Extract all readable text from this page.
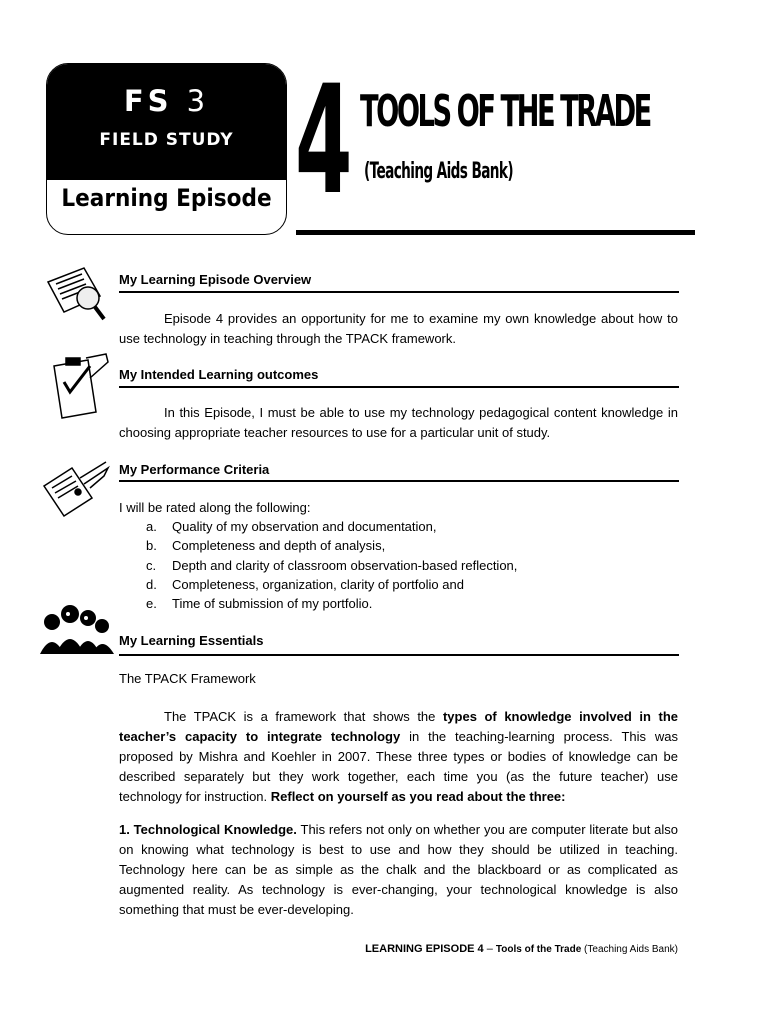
FS 3
FIELD STUDY
Learning Episode 4 TOOLS OF THE TRADE
(Teaching Aids Bank)
My Learning Episode Overview
Episode 4 provides an opportunity for me to examine my own knowledge about how to use technology in teaching through the TPACK framework.
My Intended Learning outcomes
In this Episode, I must be able to use my technology pedagogical content knowledge in choosing appropriate teacher resources to use for a particular unit of study.
My Performance Criteria
I will be rated along the following:
a.	Quality of my observation and documentation,
b.	Completeness and depth of analysis,
c.	Depth and clarity of classroom observation-based reflection,
d.	Completeness, organization, clarity of portfolio and
e.	Time of submission of my portfolio.
My Learning Essentials
The TPACK Framework

The TPACK is a framework that shows the types of knowledge involved in the teacher’s capacity to integrate technology in the teaching-learning process. This was proposed by Mishra and Koehler in 2007. These three types or bodies of knowledge can be described separately but they work together, each time you (as the future teacher) use technology for instruction. Reflect on yourself as you read about the three:

1. Technological Knowledge. This refers not only on whether you are computer literate but also on knowing what technology is best to use and how they should be utilized in teaching. Technology here can be as simple as the chalk and the blackboard or as complicated as augmented reality. As technology is ever-changing, your technological knowledge is also something that must be ever-developing.

LEARNING EPISODE 4 – Tools of the Trade (Teaching Aids Bank)
